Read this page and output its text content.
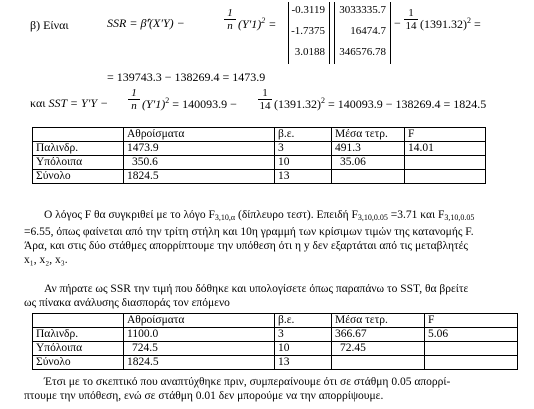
β) Είναι	SSR = β̂′(X′Y) −	$\frac{1}{n} (Y'1)^2$ =
-0.3119
-1.7375
3.0188
3033335.7
16474.7
346576.78
− $\frac{1}{14} (1391.32)^2$ =
= 139743.3 − 138269.4 = 1473.9
και SST = $Y'Y - \frac{1}{n} (Y'1)^2 = 140093.9 - \frac{1}{14} (1391.32)^2 = 140093.9 - 138269.4 = 1824.5$
	Αθροίσματα	β.ε.	Μέσα τετρ.	F
Παλινδρ.	1473.9	3	491.3	14.01
Υπόλοιπα	350.6	10	35.06	
Σύνολο	1824.5	13		
Ο λόγος F θα συγκριθεί με το λόγο $F_{3,10,\alpha}$ (δίπλευρο τεστ). Επειδή $F_{3,10,0.05} =3.71$ και $F_{3,10,0.05}$
=6.55, όπως φαίνεται από την τρίτη στήλη και 10η γραμμή των κρίσιμων τιμών της κατανομής F.
Άρα, και στις δύο στάθμες απορρίπτουμε την υπόθεση ότι η y δεν εξαρτάται από τις μεταβλητές
x₁, x₂, x₃.
Αν πήρατε ως SSR την τιμή που δόθηκε και υπολογίσετε όπως παραπάνω το SST, θα βρείτε
ως πίνακα ανάλυσης διασποράς τον επόμενο
	Αθροίσματα	β.ε.	Μέσα τετρ.	F
Παλινδρ.	1100.0	3	366.67	5.06
Υπόλοιπα	724.5	10	72.45	
Σύνολο	1824.5	13		
Έτσι με το σκεπτικό που αναπτύχθηκε πριν, συμπεραίνουμε ότι σε στάθμη 0.05 απορρί-
πτουμε την υπόθεση, ενώ σε στάθμη 0.01 δεν μπορούμε να την απορρίψουμε.
